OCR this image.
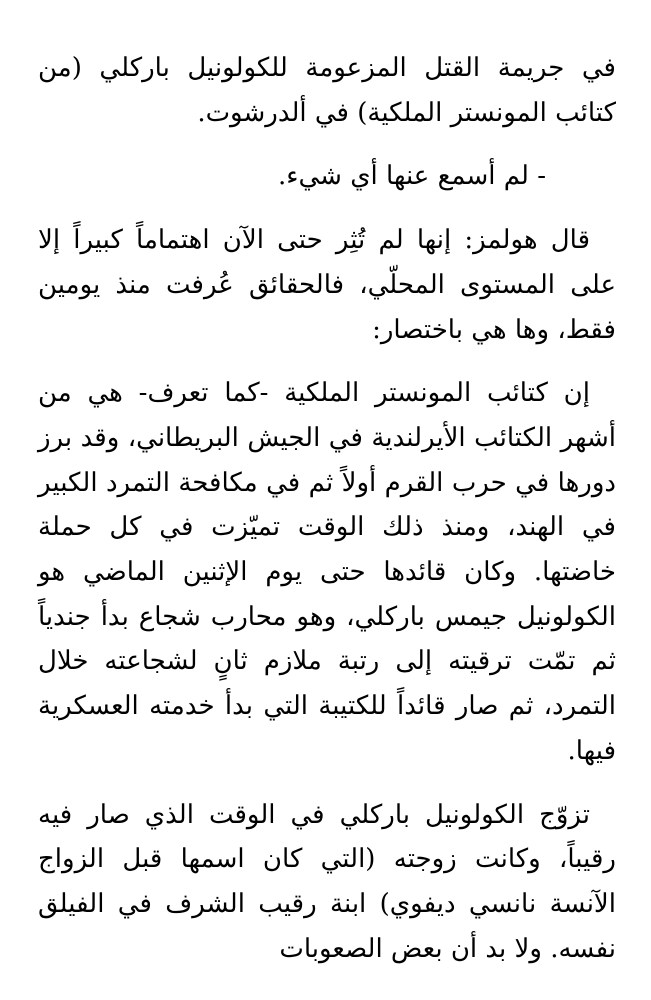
في جريمة القتل المزعومة للكولونيل باركلي (من كتائب المونستر الملكية) في ألدرشوت.

- لم أسمع عنها أي شيء.

قال هولمز: إنها لم تُثِر حتى الآن اهتماماً كبيراً إلا على المستوى المحلّي، فالحقائق عُرفت منذ يومين فقط، وها هي باختصار:

إن كتائب المونستر الملكية -كما تعرف- هي من أشهر الكتائب الأيرلندية في الجيش البريطاني، وقد برز دورها في حرب القرم أولاً ثم في مكافحة التمرد الكبير في الهند، ومنذ ذلك الوقت تميّزت في كل حملة خاضتها. وكان قائدها حتى يوم الإثنين الماضي هو الكولونيل جيمس باركلي، وهو محارب شجاع بدأ جندياً ثم تمّت ترقيته إلى رتبة ملازم ثانٍ لشجاعته خلال التمرد، ثم صار قائداً للكتيبة التي بدأ خدمته العسكرية فيها.

تزوّج الكولونيل باركلي في الوقت الذي صار فيه رقيباً، وكانت زوجته (التي كان اسمها قبل الزواج الآنسة نانسي ديفوي) ابنة رقيب الشرف في الفيلق نفسه. ولا بد أن بعض الصعوبات
